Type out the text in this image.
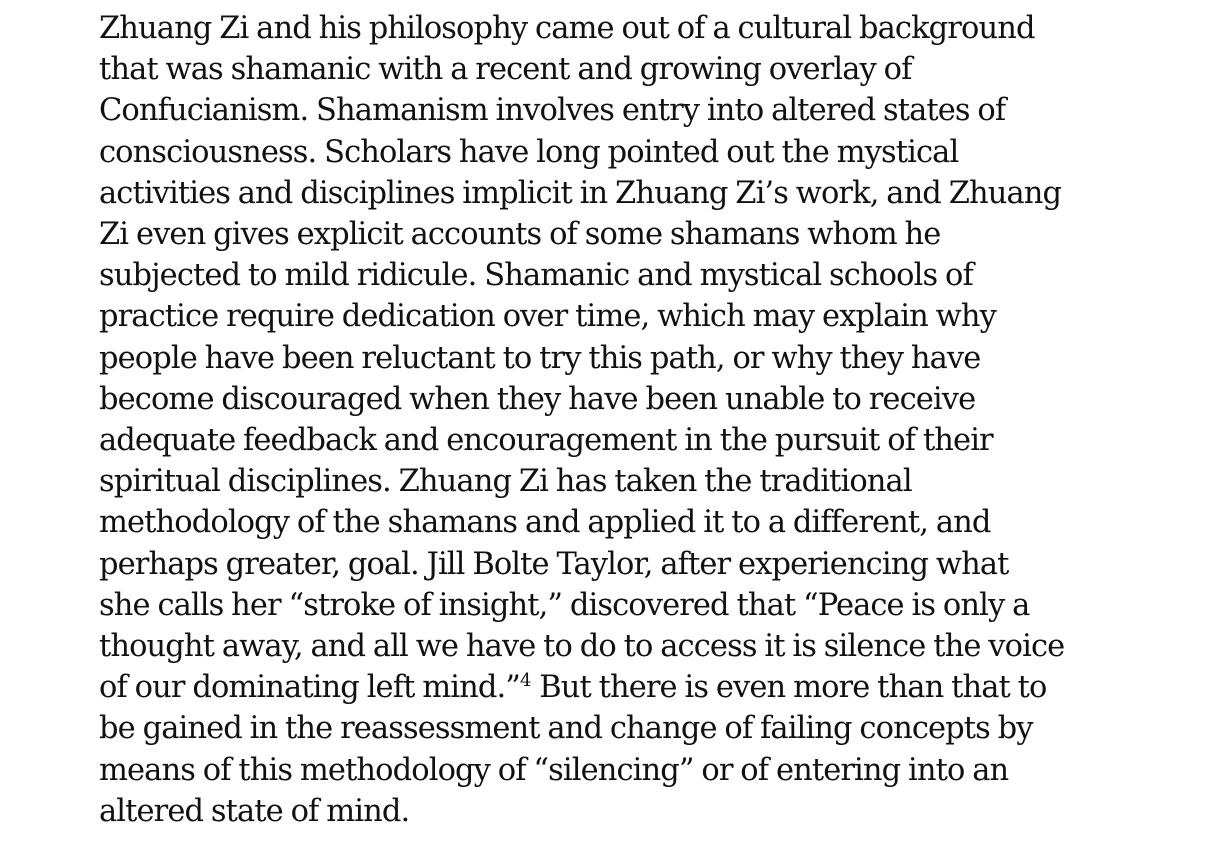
Zhuang Zi and his philosophy came out of a cultural background
that was shamanic with a recent and growing overlay of
Confucianism. Shamanism involves entry into altered states of
consciousness. Scholars have long pointed out the mystical
activities and disciplines implicit in Zhuang Zi’s work, and Zhuang
Zi even gives explicit accounts of some shamans whom he
subjected to mild ridicule. Shamanic and mystical schools of
practice require dedication over time, which may explain why
people have been reluctant to try this path, or why they have
become discouraged when they have been unable to receive
adequate feedback and encouragement in the pursuit of their
spiritual disciplines. Zhuang Zi has taken the traditional
methodology of the shamans and applied it to a different, and
perhaps greater, goal. Jill Bolte Taylor, after experiencing what
she calls her “stroke of insight,” discovered that “Peace is only a
thought away, and all we have to do to access it is silence the voice
of our dominating left mind.”$^4$ But there is even more than that to
be gained in the reassessment and change of failing concepts by
means of this methodology of “silencing” or of entering into an
altered state of mind.
